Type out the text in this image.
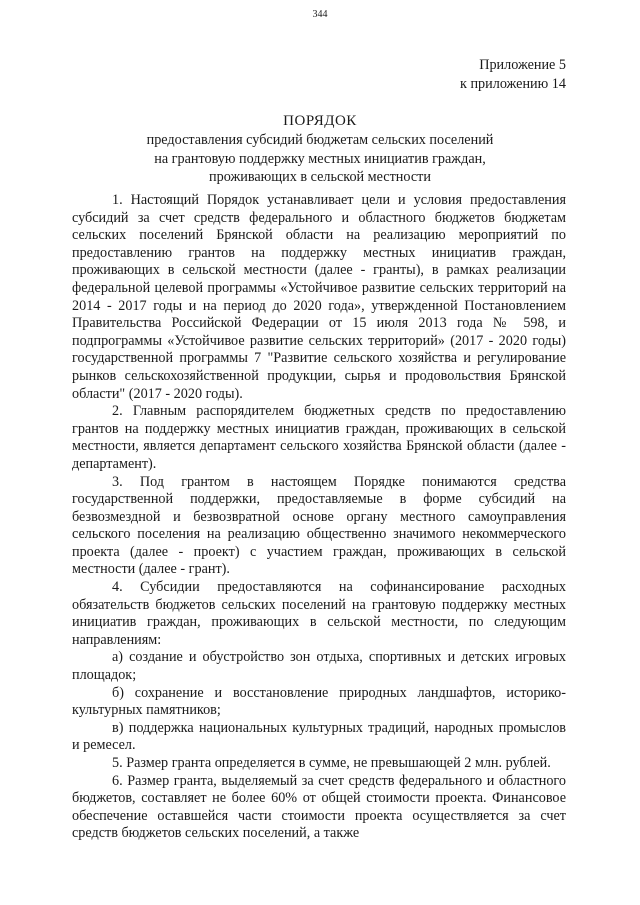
344
Приложение 5
к приложению 14
ПОРЯДОК
предоставления субсидий бюджетам сельских поселений
на грантовую поддержку местных инициатив граждан,
проживающих в сельской местности

1. Настоящий Порядок устанавливает цели и условия предоставления субсидий за счет средств федерального и областного бюджетов бюджетам сельских поселений Брянской области на реализацию мероприятий по предоставлению грантов на поддержку местных инициатив граждан, проживающих в сельской местности (далее - гранты), в рамках реализации федеральной целевой программы «Устойчивое развитие сельских территорий на 2014 - 2017 годы и на период до 2020 года», утвержденной Постановлением Правительства Российской Федерации от 15 июля 2013 года № 598, и подпрограммы «Устойчивое развитие сельских территорий» (2017 - 2020 годы) государственной программы 7 "Развитие сельского хозяйства и регулирование рынков сельскохозяйственной продукции, сырья и продовольствия Брянской области" (2017 - 2020 годы).

2. Главным распорядителем бюджетных средств по предоставлению грантов на поддержку местных инициатив граждан, проживающих в сельской местности, является департамент сельского хозяйства Брянской области (далее - департамент).

3. Под грантом в настоящем Порядке понимаются средства государственной поддержки, предоставляемые в форме субсидий на безвозмездной и безвозвратной основе органу местного самоуправления сельского поселения на реализацию общественно значимого некоммерческого проекта (далее - проект) с участием граждан, проживающих в сельской местности (далее - грант).

4. Субсидии предоставляются на софинансирование расходных обязательств бюджетов сельских поселений на грантовую поддержку местных инициатив граждан, проживающих в сельской местности, по следующим направлениям:

а) создание и обустройство зон отдыха, спортивных и детских игровых площадок;

б) сохранение и восстановление природных ландшафтов, историко-культурных памятников;

в) поддержка национальных культурных традиций, народных промыслов и ремесел.

5. Размер гранта определяется в сумме, не превышающей 2 млн. рублей.

6. Размер гранта, выделяемый за счет средств федерального и областного бюджетов, составляет не более 60% от общей стоимости проекта. Финансовое обеспечение оставшейся части стоимости проекта осуществляется за счет средств бюджетов сельских поселений, а также
